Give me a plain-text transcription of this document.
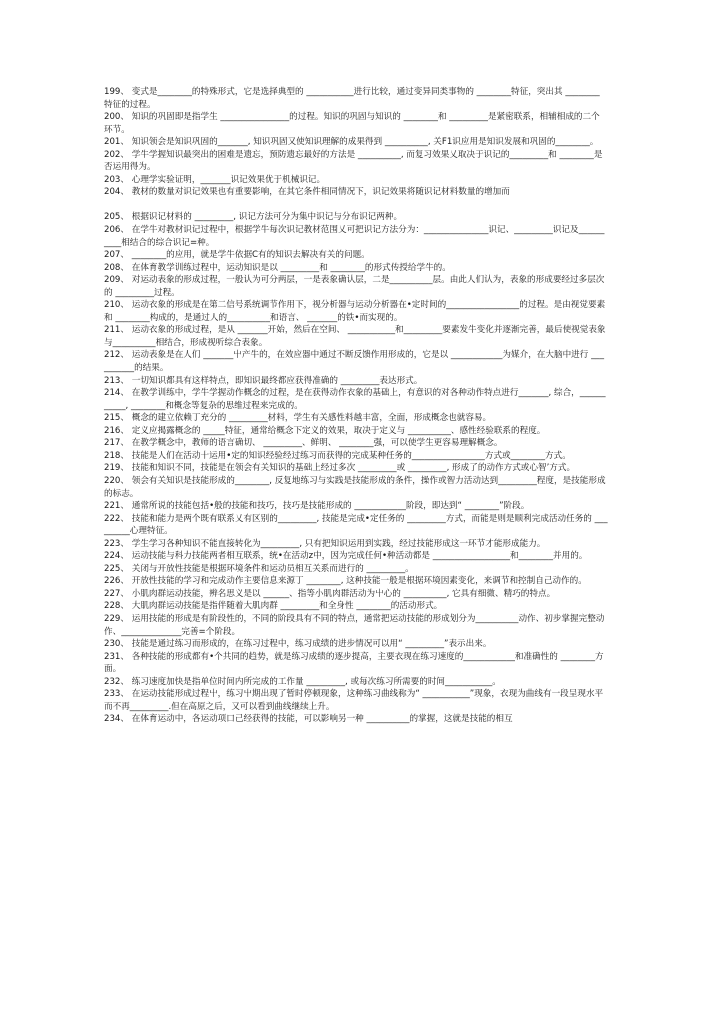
199、 变式是________的特殊形式，它是选择典型的 ___________进行比较，通过变异同类事物的 ________特征，突出其 ________特征的过程。

200、 知识的巩固即是指学生 ________________的过程。知识的巩固与知识的 ________和 _________是紧密联系，相辅相成的二个环节。

201、 知识领会是知识巩固的_______, 知识巩固又使知识理解的成果得到 __________, 关F1识应用是知识发展和巩固的________。

202、 学牛学握知识最突出的困难是遗忘，预防遗忘最好的方法是 __________, 而复习效果乂取决于识记的_________和 ________是否运用得为。

203、 心理学实验证明，_______识记效果优于机械识记。

204、 教材的数量对识记效果也有重要影响，在其它条件相同情况下，识记效果将随识记材料数量的增加而

205、 根据识记材料的 _________, 识记方法可分为集中识记与分布识记两种。

206、 在学牛对教材识记过程中，根据学牛每次识记教材范围乂可把识记方法分为：_______________识记、_________识记及__________相结合的综合识记=种。

207、 ________的应用，就是学牛依据C有的知识去解决有关的问题。

208、 在体育教学训练过程中，运动知识是以 _________和 ________的形式传授给学牛的。

209、 对运动表象的形成过程，一般认为可分两层，一是表象确认层，二是__________层。由此人们认为，表象的形成要经过多层次的 _________过程。

210、 运动衣象的形成是在第二信号系统调节作用下，视分析器与运动分析器在•定时间的_________________的过程。是由视觉要素和 ________构成的，是通过人的__________和语言、 _______的铁•而实现的。

211、 运动衣象的形成过程，是从 _______开始，然后在空间、 ___________和_________要素发牛变化并逐渐完善，最后使视觉表象与__________相结合，形成视听综合表象。

212、 运动表象是在人们 _______屮产牛的，在效应器中通过不断反馈作用形成的，它是以 ____________为媒介，在大脑中进行 __________的结果。

213、 一切知识都具有这样特点，即知识最终都应获得准确的 _________表达形式。

214、 在教学训练中，学牛学握动作概念的过程，是在获得动作衣象的基础上，有意识的对各种动作特点进行_______, 综合，___________, ________和概念等复杂的思维过程来完成的。

215、 概念的建立依赖丁充分的 _________材料，学生有关感性料越丰富，全面，形成概念也就容易。

216、 定义应揭露概念的 _____特征，通常给概念下定义的效果，取决于定义与 __________、感性经验联系的程度。

217、 在教学概念中，教师的语言确切、 _________、鲜明、 ________强，可以使学生更容易理解概念。

218、 技能是人们在活动十运用•定的知识经验经过练习而获得的完成某种任务的_________________方式或________方式。

219、 技能和知识不同，技能是在领会有关知识的基础上经过多次 _________或 _________, 形成了的动作方式或心智’方式。

220、 领会有关知识是技能形成的________, 反复地练习与实践是技能形成的条件，操作或智力活动达到_________程度，是技能形成的标志。

221、 通常所说的技能包括•般的技能和技巧，技巧是技能形成的 ____________阶段，即达到“ ________”阶段。

222、 技能和能力是两个既有联系乂有区别的_________, 技能是完成•定任务的 _________方式，而能是则是顺利完成活动任务的 _________心理特征。

223、 学生学习各种知识不能直接转化为_________, 只有把知识运用到实践，经过技能形成这一环节才能形成能力。

224、 运动技能与科力技能两者相互联系，统•在活动z中，因为完成任何•种活动都是 __________________和________并用的。

225、 关闭与开放性技能是根据环境条件和运动员相互关系而进行的 _________。

226、 开放性技能的学习和完成动作主要信息来源丁 ________, 这种技能一般是根据环境因素变化，来调节和控制自己动作的。

227、 小肌肉群运动技能，辨名思义是以 ______、指等小肌肉群活动为屮心的 __________, 它具有细微、精巧的特点。

228、 大肌肉群运动技能是指伴随着大肌肉群 _________和全身性 ________的活动形式。

229、 运用技能的形成是有阶段性的，不同的阶段具有不同的特点，通常把运动技能的形成划分为__________动作、初步掌握完整动作、______________完善=个阶段。

230、 技能是通过练习而形成的，在练习过程中，练习成绩的进步情况可以用“ _________”表示出来。

231、 各种技能的形成都有•个共同的趋势，就是练习成绩的逐步提高，主要衣现在练习速度的____________和准确性的 ________方面。

232、 练习速度加快是指单位时间内所完成的工作量 _________, 或每次练习所需要的时间___________。

233、 在运动技能形成过程屮，练习屮期出现了暂时停顿现象，这种练习曲线称为“ ___________”现象，衣现为曲线有一段呈现水平而不再_________.但在高原之后，又可以看到曲线继续上升。

234、 在体育运动中，各运动项口己经获得的技能，可以影响另一种 __________的掌握，这就是技能的相互
